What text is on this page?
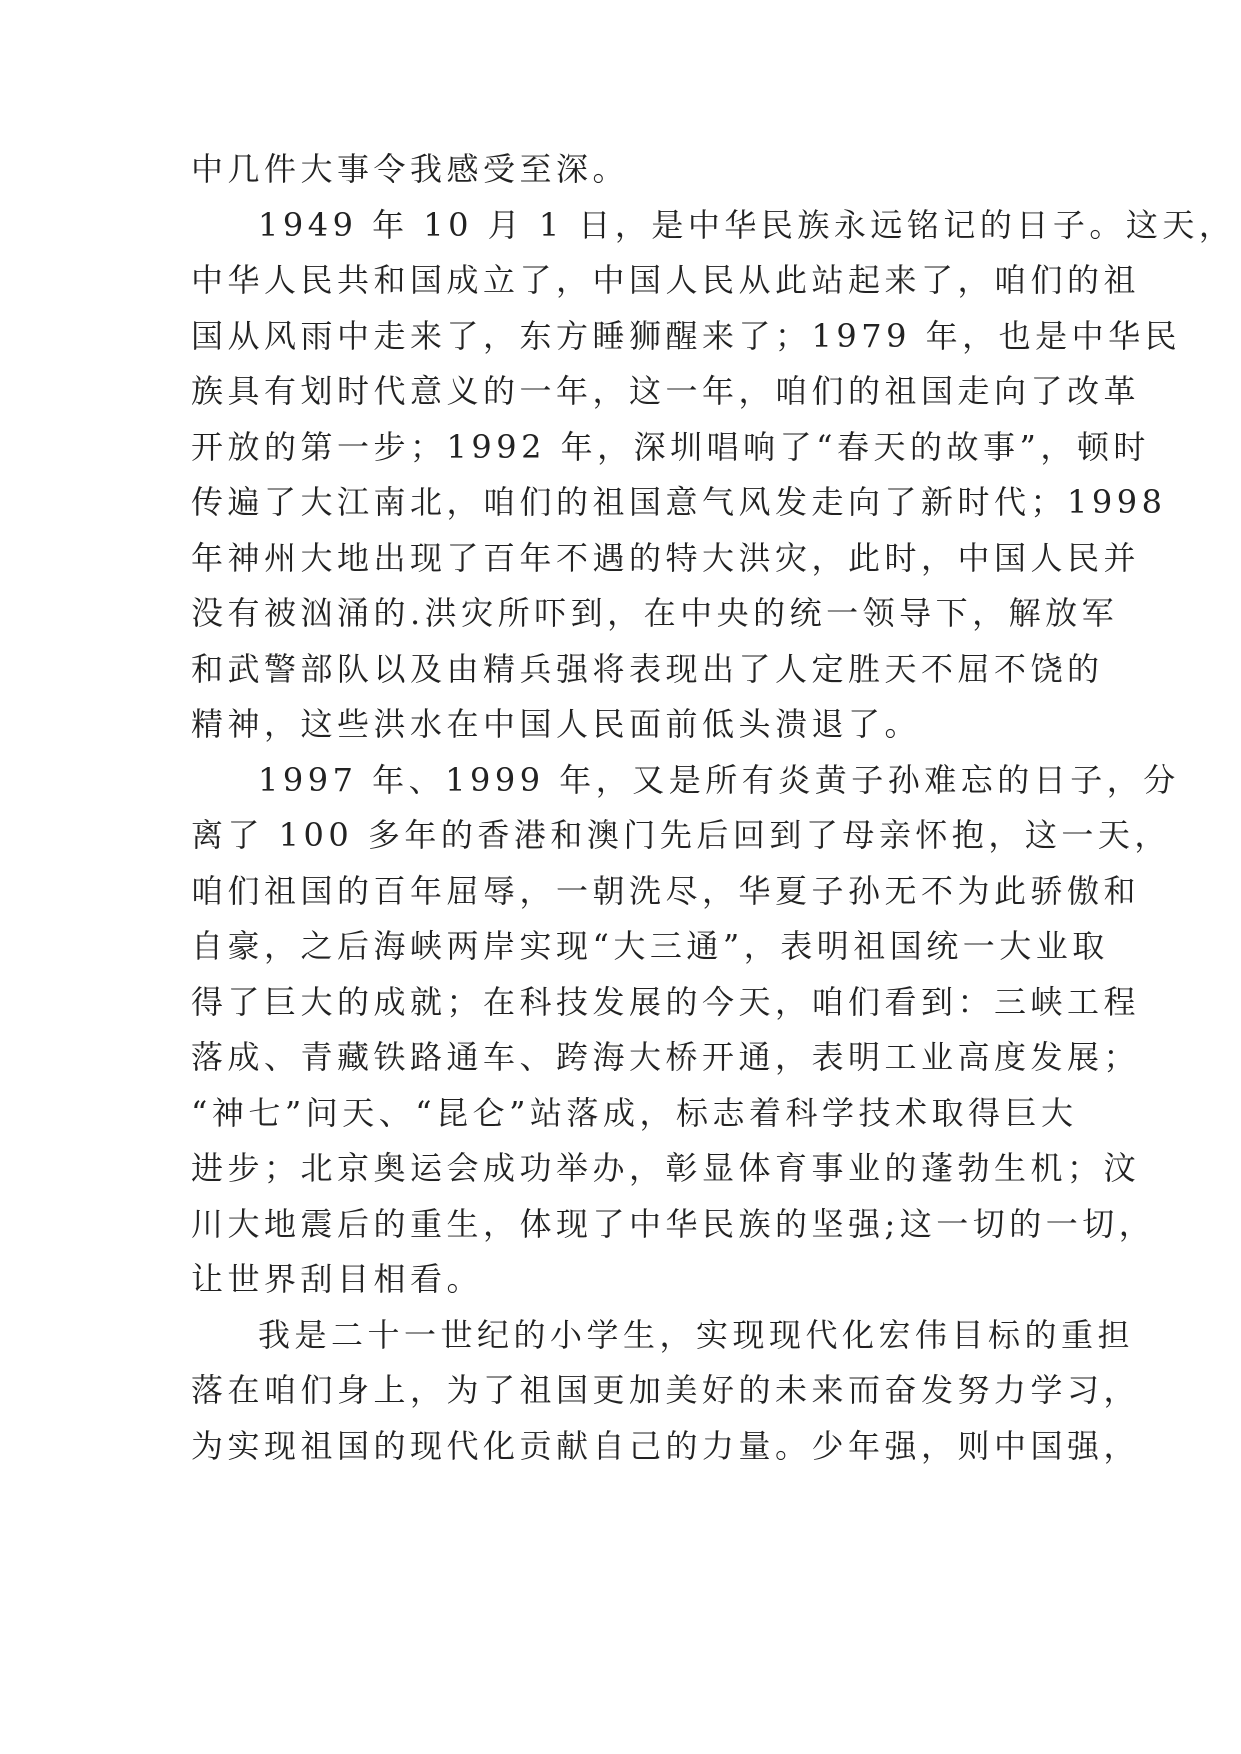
中几件大事令我感受至深。
1949 年 10 月 1 日，是中华民族永远铭记的日子。这天，
中华人民共和国成立了，中国人民从此站起来了，咱们的祖
国从风雨中走来了，东方睡狮醒来了；1979 年，也是中华民
族具有划时代意义的一年，这一年，咱们的祖国走向了改革
开放的第一步；1992 年，深圳唱响了“春天的故事”，顿时
传遍了大江南北，咱们的祖国意气风发走向了新时代；1998
年神州大地出现了百年不遇的特大洪灾，此时，中国人民并
没有被汹涌的.洪灾所吓到，在中央的统一领导下，解放军
和武警部队以及由精兵强将表现出了人定胜天不屈不饶的
精神，这些洪水在中国人民面前低头溃退了。
1997 年、1999 年，又是所有炎黄子孙难忘的日子，分
离了 100 多年的香港和澳门先后回到了母亲怀抱，这一天，
咱们祖国的百年屈辱，一朝洗尽，华夏子孙无不为此骄傲和
自豪，之后海峡两岸实现“大三通”，表明祖国统一大业取
得了巨大的成就；在科技发展的今天，咱们看到：三峡工程
落成、青藏铁路通车、跨海大桥开通，表明工业高度发展；
“神七”问天、“昆仑”站落成，标志着科学技术取得巨大
进步；北京奥运会成功举办，彰显体育事业的蓬勃生机；汶
川大地震后的重生，体现了中华民族的坚强;这一切的一切，
让世界刮目相看。
我是二十一世纪的小学生，实现现代化宏伟目标的重担
落在咱们身上，为了祖国更加美好的未来而奋发努力学习，
为实现祖国的现代化贡献自己的力量。少年强，则中国强，
